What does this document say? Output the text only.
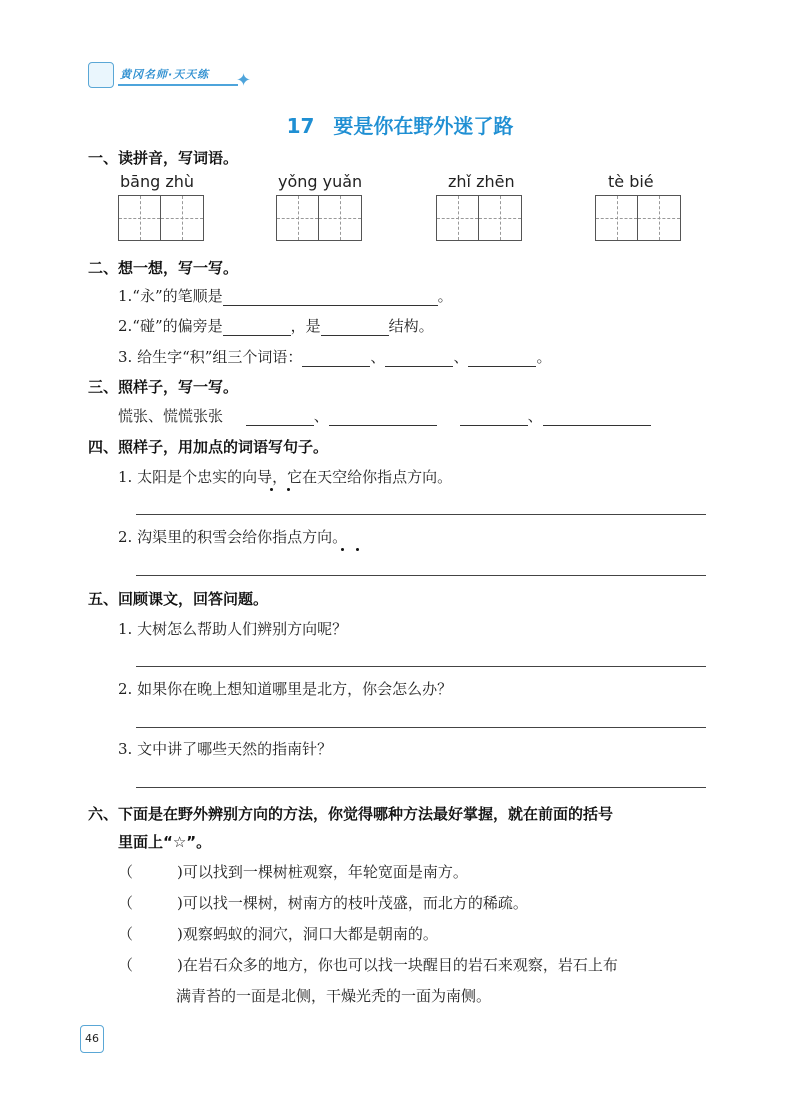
黄冈名师·天天练 ✦
17 要是你在野外迷了路
一、读拼音，写词语。
bāng zhù	yǒng yuǎn	zhǐ zhēn	tè bié
二、想一想，写一写。
1.“永”的笔顺是	。
2.“碰”的偏旁是	，是	结构。
3. 给生字“积”组三个词语：	、	、	。
三、照样子，写一写。
慌张、慌慌张张	、	、
四、照样子，用加点的词语写句子。
1. 太阳是个忠实的向导，它在天空给你指点方向。
2. 沟渠里的积雪会给你指点方向。
五、回顾课文，回答问题。
1. 大树怎么帮助人们辨别方向呢？
2. 如果你在晚上想知道哪里是北方，你会怎么办？
3. 文中讲了哪些天然的指南针？
六、下面是在野外辨别方向的方法，你觉得哪种方法最好掌握，就在前面的括号
里面上“☆”。
（	)可以找到一棵树桩观察，年轮宽面是南方。
（	)可以找一棵树，树南方的枝叶茂盛，而北方的稀疏。
（	)观察蚂蚁的洞穴，洞口大都是朝南的。
（	)在岩石众多的地方，你也可以找一块醒目的岩石来观察，岩石上布
满青苔的一面是北侧，干燥光秃的一面为南侧。
46
